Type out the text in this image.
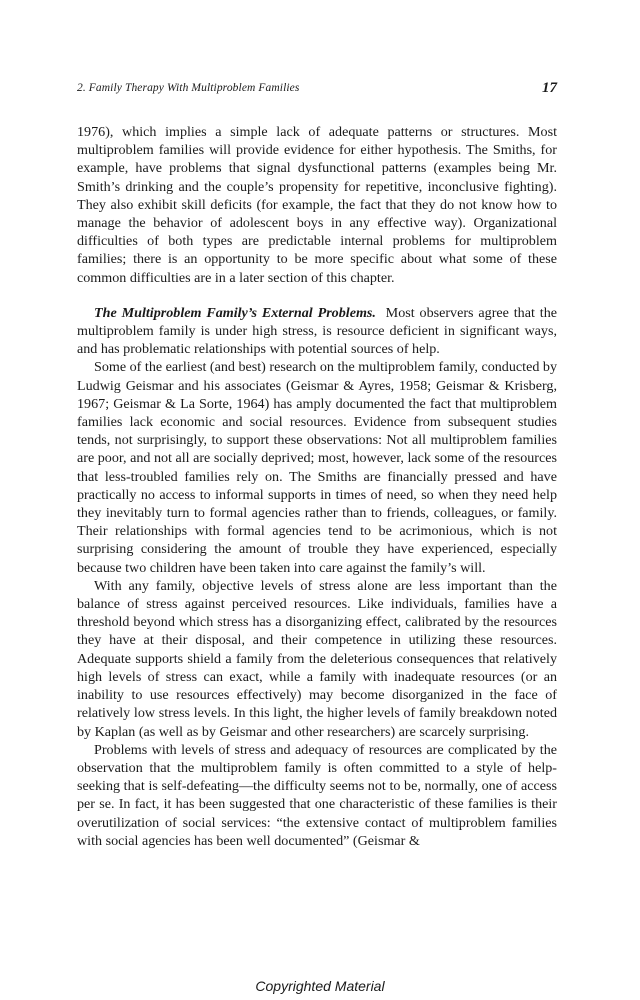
2. Family Therapy With Multiproblem Families	17

1976), which implies a simple lack of adequate patterns or structures. Most multiproblem families will provide evidence for either hypothesis. The Smiths, for example, have problems that signal dysfunctional patterns (examples being Mr. Smith’s drinking and the couple’s propensity for repetitive, inconclusive fighting). They also exhibit skill deficits (for example, the fact that they do not know how to manage the behavior of adolescent boys in any effective way). Organizational difficulties of both types are predictable internal problems for multiproblem families; there is an opportunity to be more specific about what some of these common difficulties are in a later section of this chapter.

The Multiproblem Family’s External Problems. Most observers agree that the multiproblem family is under high stress, is resource deficient in significant ways, and has problematic relationships with potential sources of help.

Some of the earliest (and best) research on the multiproblem family, conducted by Ludwig Geismar and his associates (Geismar & Ayres, 1958; Geismar & Krisberg, 1967; Geismar & La Sorte, 1964) has amply documented the fact that multiproblem families lack economic and social resources. Evidence from subsequent studies tends, not surprisingly, to support these observations: Not all multiproblem families are poor, and not all are socially deprived; most, however, lack some of the resources that less-troubled families rely on. The Smiths are financially pressed and have practically no access to informal supports in times of need, so when they need help they inevitably turn to formal agencies rather than to friends, colleagues, or family. Their relationships with formal agencies tend to be acrimonious, which is not surprising considering the amount of trouble they have experienced, especially because two children have been taken into care against the family’s will.

With any family, objective levels of stress alone are less important than the balance of stress against perceived resources. Like individuals, families have a threshold beyond which stress has a disorganizing effect, calibrated by the resources they have at their disposal, and their competence in utilizing these resources. Adequate supports shield a family from the deleterious consequences that relatively high levels of stress can exact, while a family with inadequate resources (or an inability to use resources effectively) may become disorganized in the face of relatively low stress levels. In this light, the higher levels of family breakdown noted by Kaplan (as well as by Geismar and other researchers) are scarcely surprising.

Problems with levels of stress and adequacy of resources are complicated by the observation that the multiproblem family is often committed to a style of help-seeking that is self-defeating—the difficulty seems not to be, normally, one of access per se. In fact, it has been suggested that one characteristic of these families is their overutilization of social services: “the extensive contact of multiproblem families with social agencies has been well documented” (Geismar &

Copyrighted Material
